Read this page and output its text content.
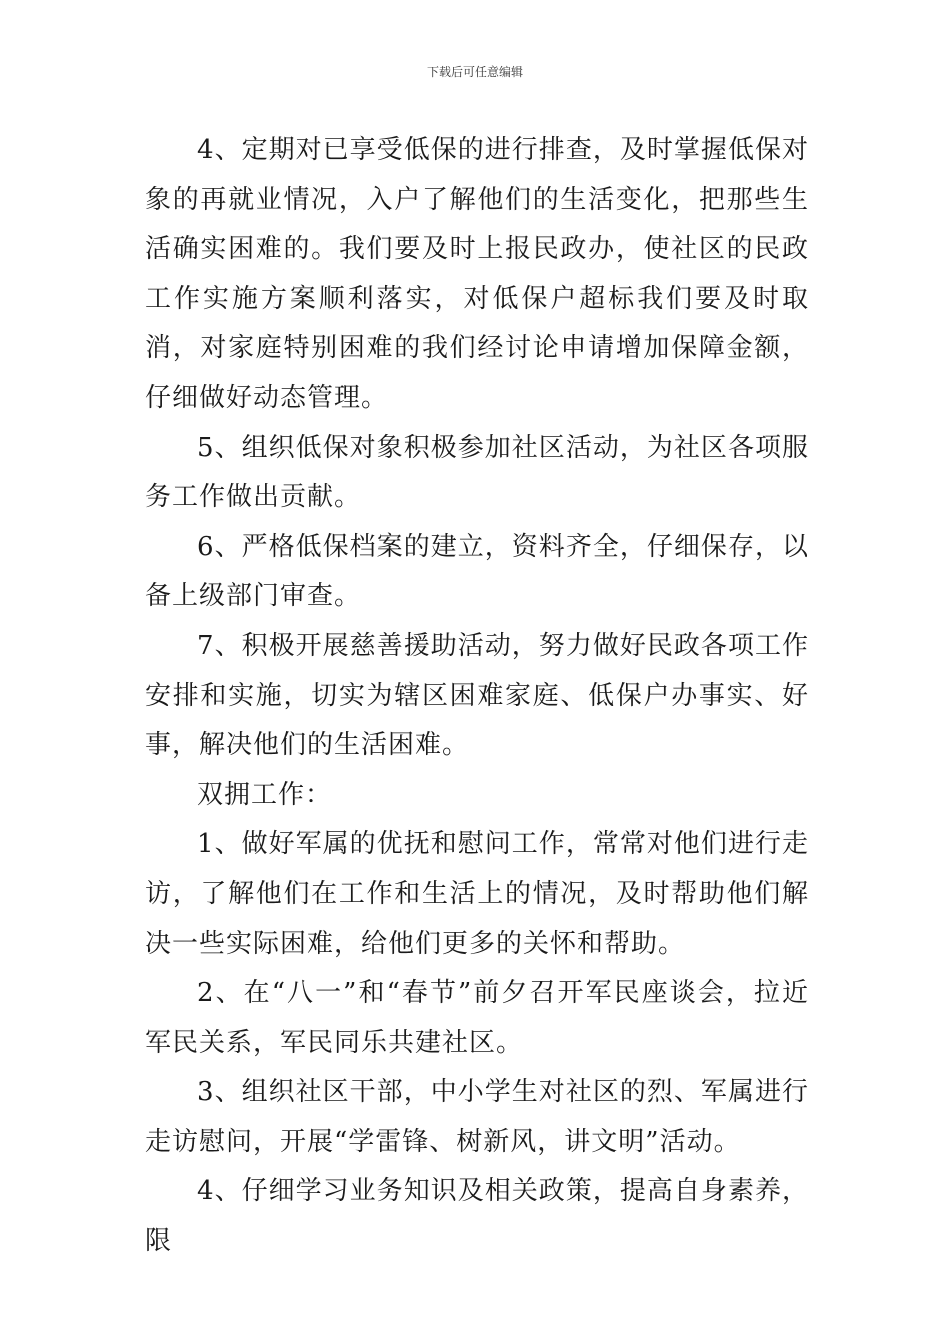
下载后可任意编辑

4、定期对已享受低保的进行排查，及时掌握低保对象的再就业情况，入户了解他们的生活变化，把那些生活确实困难的。我们要及时上报民政办，使社区的民政工作实施方案顺利落实，对低保户超标我们要及时取消，对家庭特别困难的我们经讨论申请增加保障金额，仔细做好动态管理。

5、组织低保对象积极参加社区活动，为社区各项服务工作做出贡献。

6、严格低保档案的建立，资料齐全，仔细保存，以备上级部门审查。

7、积极开展慈善援助活动，努力做好民政各项工作安排和实施，切实为辖区困难家庭、低保户办事实、好事，解决他们的生活困难。

双拥工作：

1、做好军属的优抚和慰问工作，常常对他们进行走访，了解他们在工作和生活上的情况，及时帮助他们解决一些实际困难，给他们更多的关怀和帮助。

2、在“八一”和“春节”前夕召开军民座谈会，拉近军民关系，军民同乐共建社区。

3、组织社区干部，中小学生对社区的烈、军属进行走访慰问，开展“学雷锋、树新风，讲文明”活动。

4、仔细学习业务知识及相关政策，提高自身素养，限
